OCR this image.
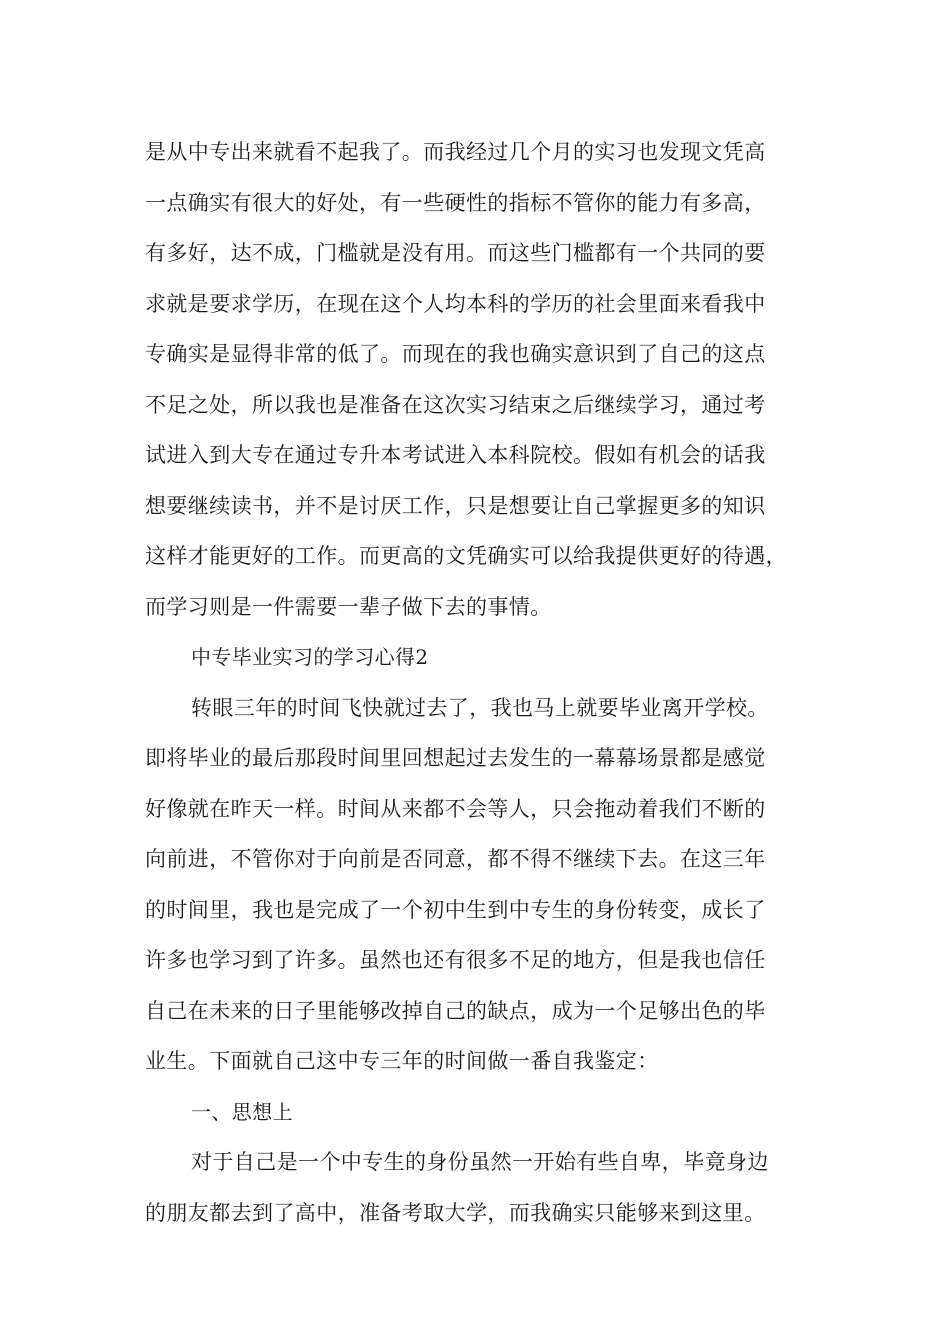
是从中专出来就看不起我了。而我经过几个月的实习也发现文凭高
一点确实有很大的好处，有一些硬性的指标不管你的能力有多高，
有多好，达不成，门槛就是没有用。而这些门槛都有一个共同的要
求就是要求学历，在现在这个人均本科的学历的社会里面来看我中
专确实是显得非常的低了。而现在的我也确实意识到了自己的这点
不足之处，所以我也是准备在这次实习结束之后继续学习，通过考
试进入到大专在通过专升本考试进入本科院校。假如有机会的话我
想要继续读书，并不是讨厌工作，只是想要让自己掌握更多的知识
这样才能更好的工作。而更高的文凭确实可以给我提供更好的待遇，
而学习则是一件需要一辈子做下去的事情。
中专毕业实习的学习心得2
转眼三年的时间飞快就过去了，我也马上就要毕业离开学校。
即将毕业的最后那段时间里回想起过去发生的一幕幕场景都是感觉
好像就在昨天一样。时间从来都不会等人，只会拖动着我们不断的
向前进，不管你对于向前是否同意，都不得不继续下去。在这三年
的时间里，我也是完成了一个初中生到中专生的身份转变，成长了
许多也学习到了许多。虽然也还有很多不足的地方，但是我也信任
自己在未来的日子里能够改掉自己的缺点，成为一个足够出色的毕
业生。下面就自己这中专三年的时间做一番自我鉴定：
一、思想上
对于自己是一个中专生的身份虽然一开始有些自卑，毕竟身边
的朋友都去到了高中，准备考取大学，而我确实只能够来到这里。
